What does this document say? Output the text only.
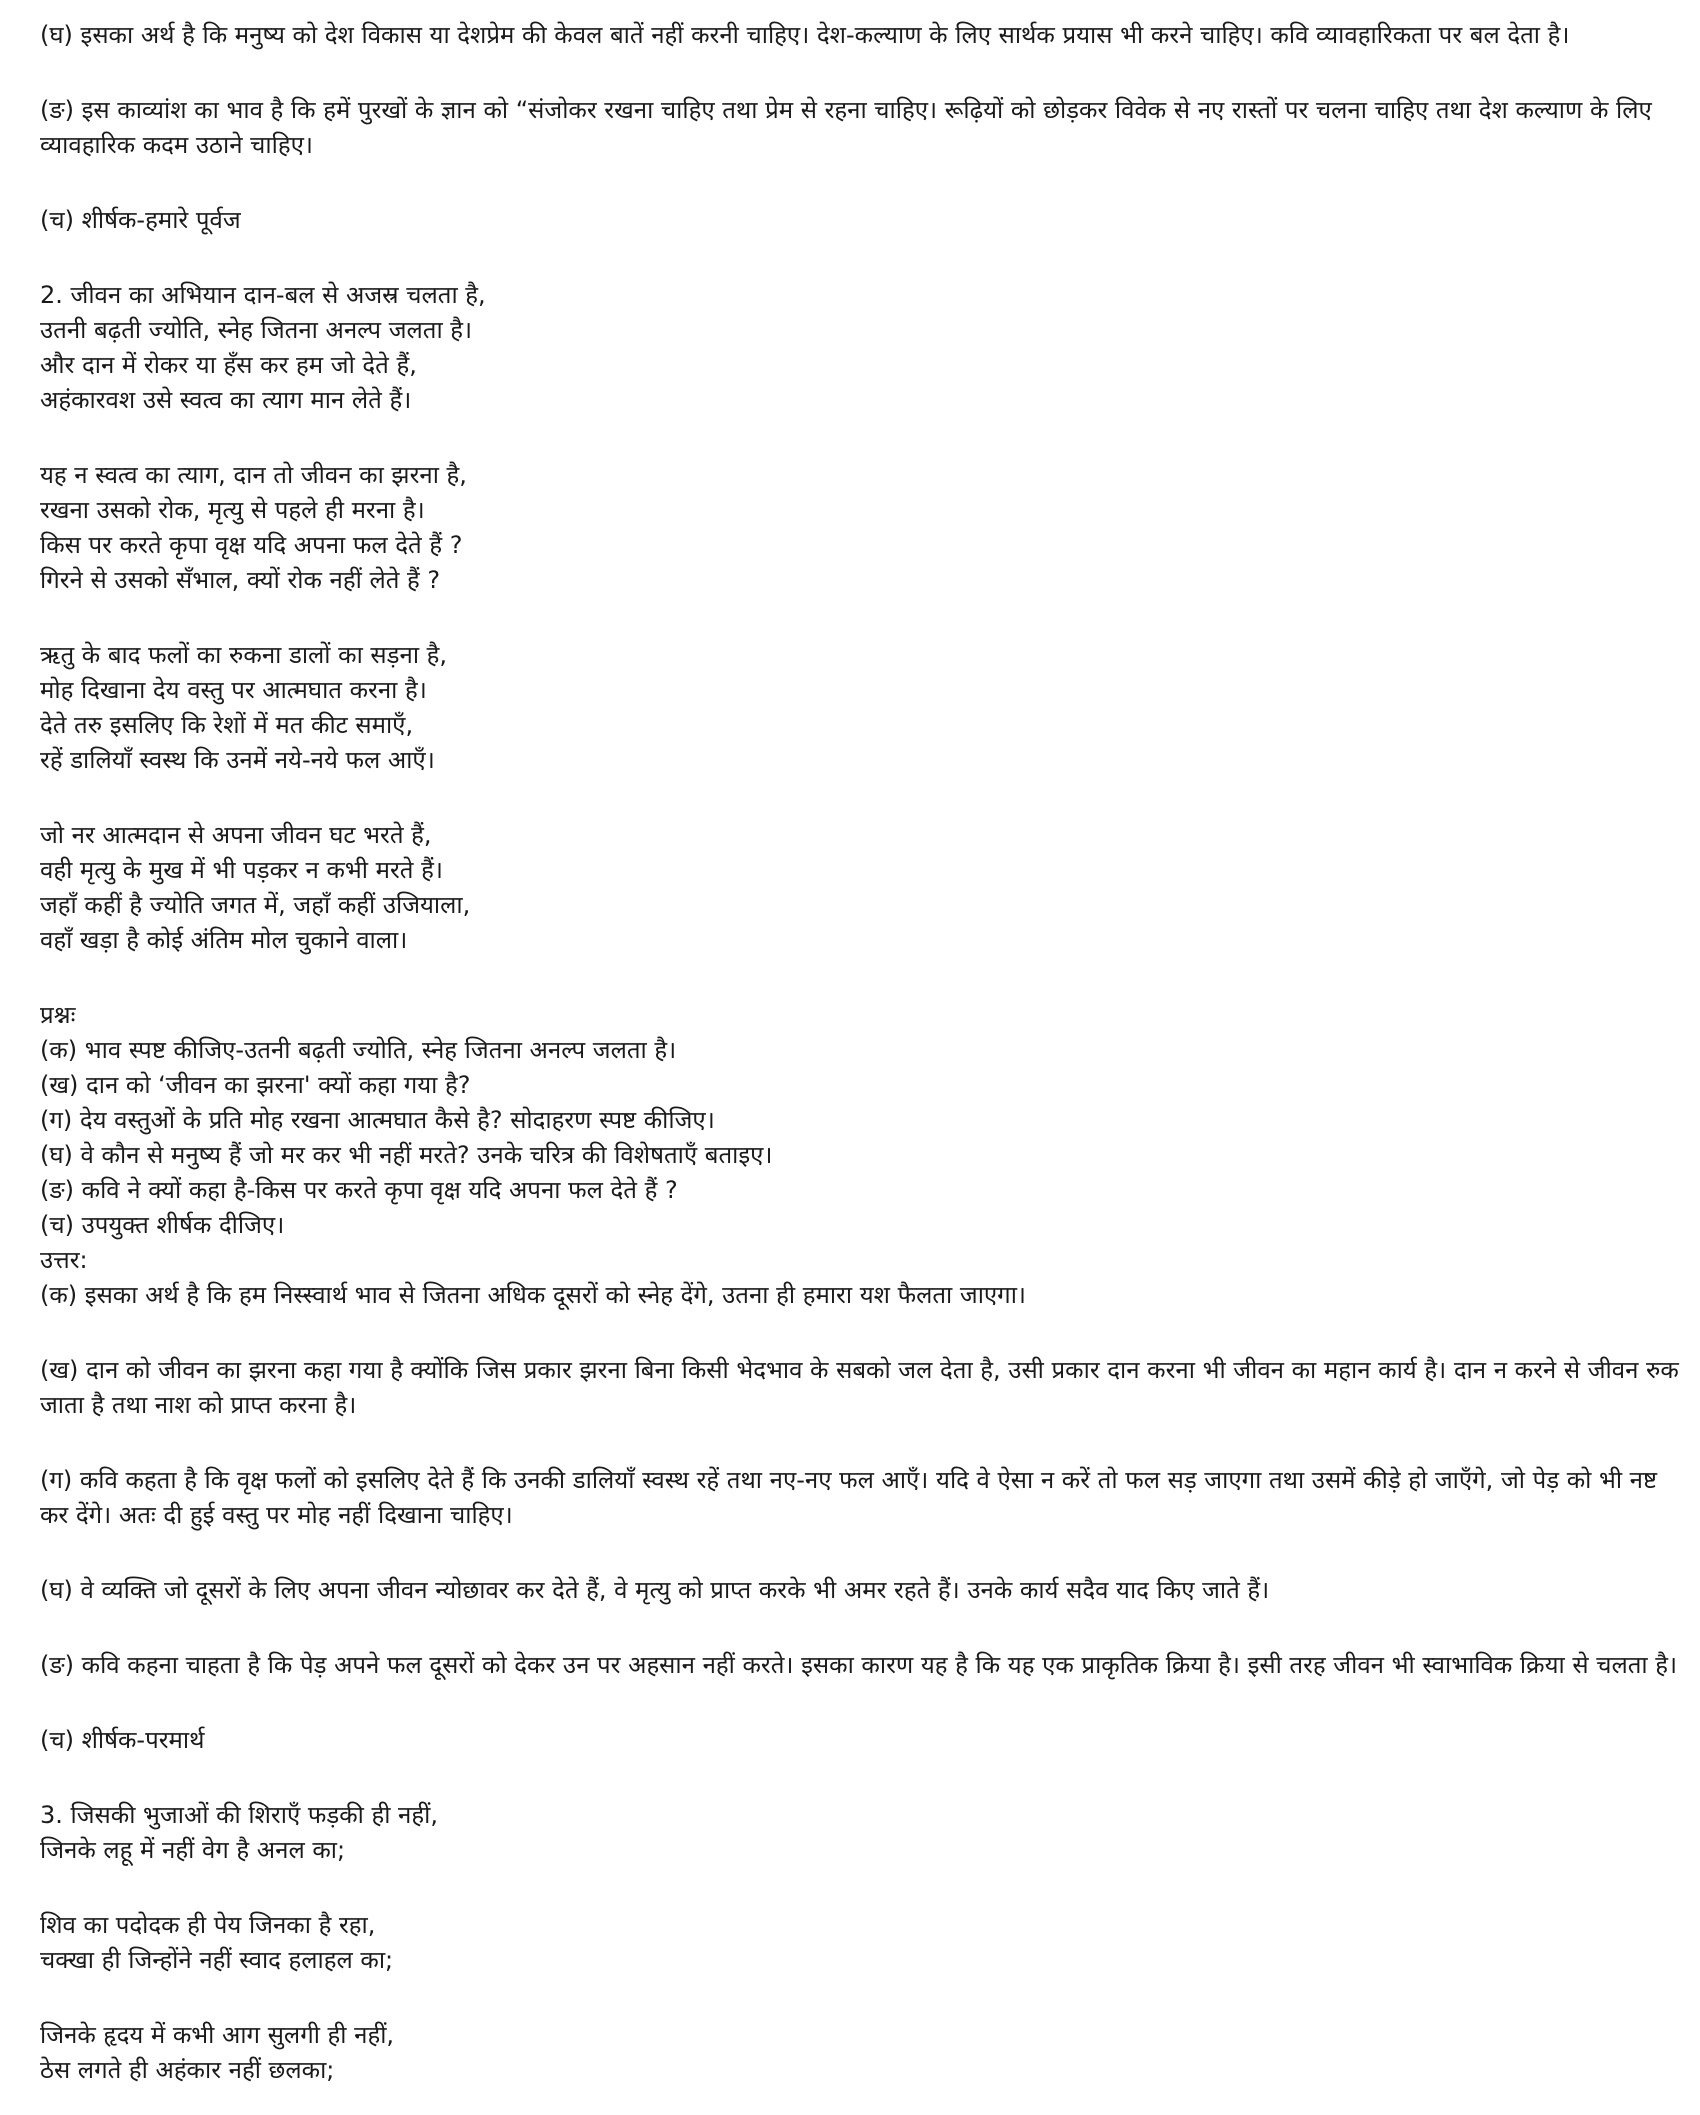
(घ) इसका अर्थ है कि मनुष्य को देश विकास या देशप्रेम की केवल बातें नहीं करनी चाहिए। देश-कल्याण के लिए सार्थक प्रयास भी करने चाहिए। कवि व्यावहारिकता पर बल देता है।

(ङ) इस काव्यांश का भाव है कि हमें पुरखों के ज्ञान को “संजोकर रखना चाहिए तथा प्रेम से रहना चाहिए। रूढ़ियों को छोड़कर विवेक से नए रास्तों पर चलना चाहिए तथा देश कल्याण के लिए व्यावहारिक कदम उठाने चाहिए।

(च) शीर्षक-हमारे पूर्वज

2. जीवन का अभियान दान-बल से अजस्र चलता है,
उतनी बढ़ती ज्योति, स्नेह जितना अनल्प जलता है।
और दान में रोकर या हँस कर हम जो देते हैं,
अहंकारवश उसे स्वत्व का त्याग मान लेते हैं।

यह न स्वत्व का त्याग, दान तो जीवन का झरना है,
रखना उसको रोक, मृत्यु से पहले ही मरना है।
किस पर करते कृपा वृक्ष यदि अपना फल देते हैं ?
गिरने से उसको सँभाल, क्यों रोक नहीं लेते हैं ?

ऋतु के बाद फलों का रुकना डालों का सड़ना है,
मोह दिखाना देय वस्तु पर आत्मघात करना है।
देते तरु इसलिए कि रेशों में मत कीट समाएँ,
रहें डालियाँ स्वस्थ कि उनमें नये-नये फल आएँ।

जो नर आत्मदान से अपना जीवन घट भरते हैं,
वही मृत्यु के मुख में भी पड़कर न कभी मरते हैं।
जहाँ कहीं है ज्योति जगत में, जहाँ कहीं उजियाला,
वहाँ खड़ा है कोई अंतिम मोल चुकाने वाला।

प्रश्नः
(क) भाव स्पष्ट कीजिए-उतनी बढ़ती ज्योति, स्नेह जितना अनल्प जलता है।
(ख) दान को ‘जीवन का झरना' क्यों कहा गया है?
(ग) देय वस्तुओं के प्रति मोह रखना आत्मघात कैसे है? सोदाहरण स्पष्ट कीजिए।
(घ) वे कौन से मनुष्य हैं जो मर कर भी नहीं मरते? उनके चरित्र की विशेषताएँ बताइए।
(ङ) कवि ने क्यों कहा है-किस पर करते कृपा वृक्ष यदि अपना फल देते हैं ?
(च) उपयुक्त शीर्षक दीजिए।
उत्तर:

(क) इसका अर्थ है कि हम निस्स्वार्थ भाव से जितना अधिक दूसरों को स्नेह देंगे, उतना ही हमारा यश फैलता जाएगा।

(ख) दान को जीवन का झरना कहा गया है क्योंकि जिस प्रकार झरना बिना किसी भेदभाव के सबको जल देता है, उसी प्रकार दान करना भी जीवन का महान कार्य है। दान न करने से जीवन रुक जाता है तथा नाश को प्राप्त करना है।

(ग) कवि कहता है कि वृक्ष फलों को इसलिए देते हैं कि उनकी डालियाँ स्वस्थ रहें तथा नए-नए फल आएँ। यदि वे ऐसा न करें तो फल सड़ जाएगा तथा उसमें कीड़े हो जाएँगे, जो पेड़ को भी नष्ट कर देंगे। अतः दी हुई वस्तु पर मोह नहीं दिखाना चाहिए।

(घ) वे व्यक्ति जो दूसरों के लिए अपना जीवन न्योछावर कर देते हैं, वे मृत्यु को प्राप्त करके भी अमर रहते हैं। उनके कार्य सदैव याद किए जाते हैं।

(ङ) कवि कहना चाहता है कि पेड़ अपने फल दूसरों को देकर उन पर अहसान नहीं करते। इसका कारण यह है कि यह एक प्राकृतिक क्रिया है। इसी तरह जीवन भी स्वाभाविक क्रिया से चलता है।

(च) शीर्षक-परमार्थ

3. जिसकी भुजाओं की शिराएँ फड़की ही नहीं,
जिनके लहू में नहीं वेग है अनल का;

शिव का पदोदक ही पेय जिनका है रहा,
चक्खा ही जिन्होंने नहीं स्वाद हलाहल का;

जिनके हृदय में कभी आग सुलगी ही नहीं,
ठेस लगते ही अहंकार नहीं छलका;
